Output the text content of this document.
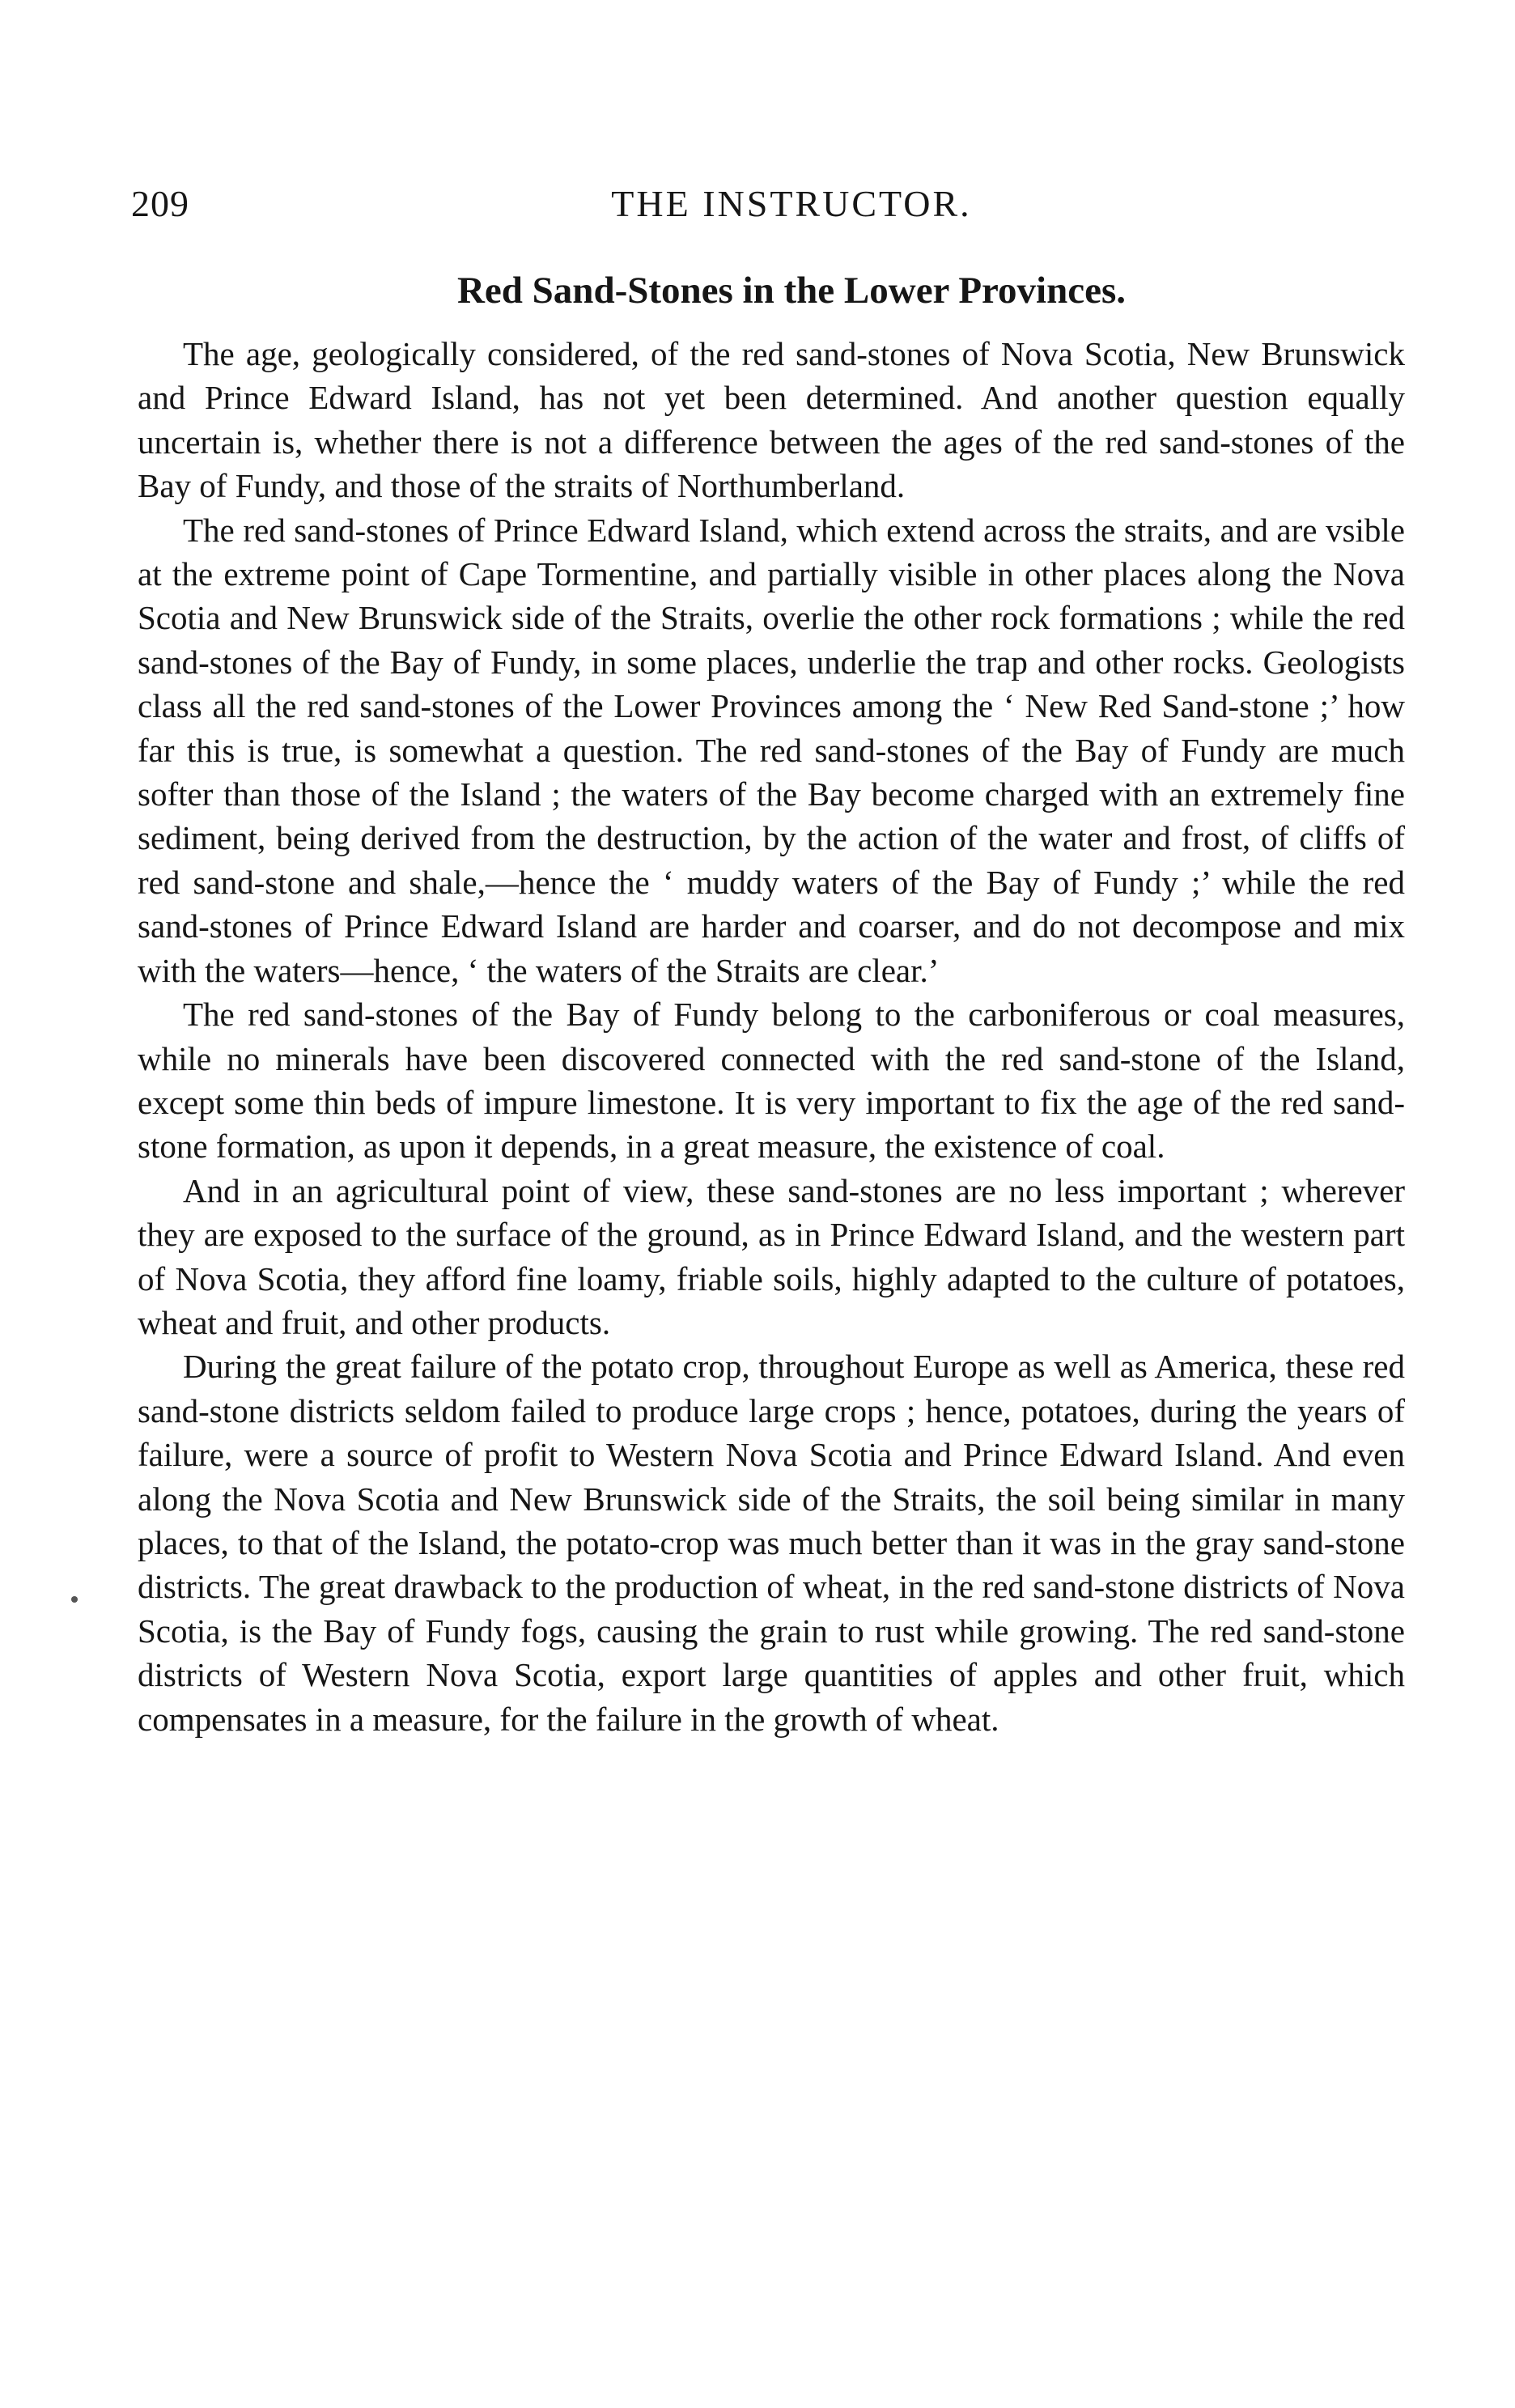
209	THE INSTRUCTOR.
Red Sand-Stones in the Lower Provinces.

The age, geologically considered, of the red sand-stones of Nova Scotia, New Brunswick and Prince Edward Island, has not yet been determined. And another question equally uncertain is, whether there is not a difference between the ages of the red sand-stones of the Bay of Fundy, and those of the straits of Northumberland.

The red sand-stones of Prince Edward Island, which extend across the straits, and are vsible at the extreme point of Cape Tormentine, and partially visible in other places along the Nova Scotia and New Brunswick side of the Straits, overlie the other rock formations ; while the red sand-stones of the Bay of Fundy, in some places, underlie the trap and other rocks. Geologists class all the red sand-stones of the Lower Provinces among the ‘ New Red Sand-stone ;’ how far this is true, is somewhat a question. The red sand-stones of the Bay of Fundy are much softer than those of the Island ; the waters of the Bay become charged with an extremely fine sediment, being derived from the destruction, by the action of the water and frost, of cliffs of red sand-stone and shale,—hence the ‘ muddy waters of the Bay of Fundy ;’ while the red sand-stones of Prince Edward Island are harder and coarser, and do not decompose and mix with the waters—hence, ‘ the waters of the Straits are clear.’

The red sand-stones of the Bay of Fundy belong to the carboniferous or coal measures, while no minerals have been discovered connected with the red sand-stone of the Island, except some thin beds of impure limestone. It is very important to fix the age of the red sand-stone formation, as upon it depends, in a great measure, the existence of coal.

And in an agricultural point of view, these sand-stones are no less important ; wherever they are exposed to the surface of the ground, as in Prince Edward Island, and the western part of Nova Scotia, they afford fine loamy, friable soils, highly adapted to the culture of potatoes, wheat and fruit, and other products.

During the great failure of the potato crop, throughout Europe as well as America, these red sand-stone districts seldom failed to produce large crops ; hence, potatoes, during the years of failure, were a source of profit to Western Nova Scotia and Prince Edward Island. And even along the Nova Scotia and New Brunswick side of the Straits, the soil being similar in many places, to that of the Island, the potato-crop was much better than it was in the gray sand-stone districts. The great drawback to the production of wheat, in the red sand-stone districts of Nova Scotia, is the Bay of Fundy fogs, causing the grain to rust while growing. The red sand-stone districts of Western Nova Scotia, export large quantities of apples and other fruit, which compensates in a measure, for the failure in the growth of wheat.
